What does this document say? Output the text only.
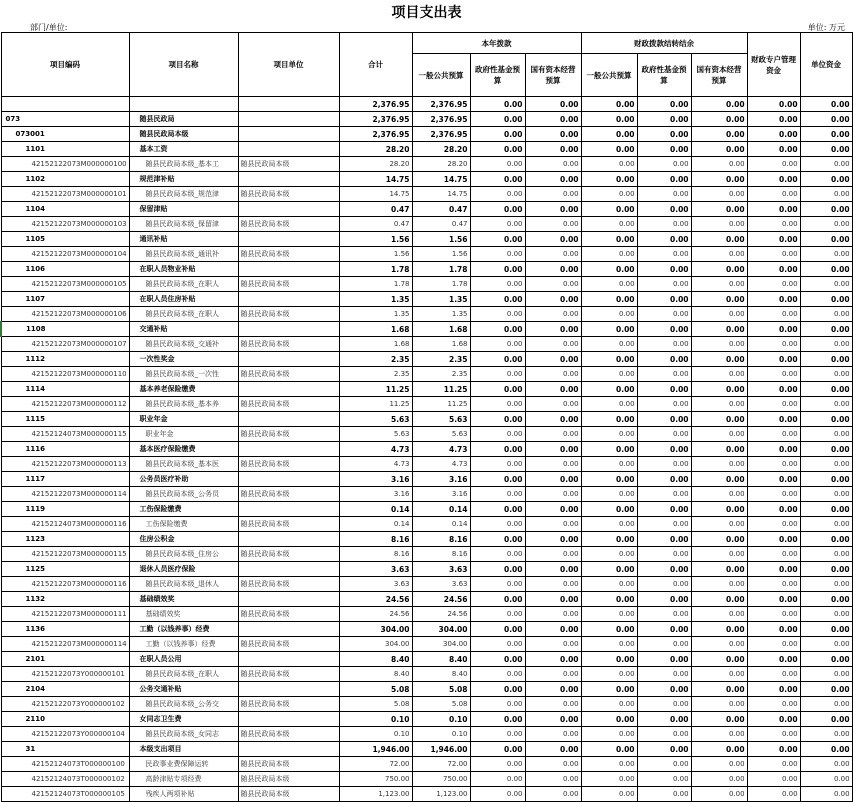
项目支出表
部门/单位:	单位: 万元
项目编码	项目名称	项目单位	合计	本年拨款			财政拨款结转结余			财政专户管理资金	单位资金
				一般公共预算	政府性基金预算	国有资本经营预算	一般公共预算	政府性基金预算	国有资本经营预算		
			2,376.95	2,376.95	0.00	0.00	0.00	0.00	0.00	0.00	0.00
073	随县民政局		2,376.95	2,376.95	0.00	0.00	0.00	0.00	0.00	0.00	0.00
073001	随县民政局本级		2,376.95	2,376.95	0.00	0.00	0.00	0.00	0.00	0.00	0.00
1101	基本工资		28.20	28.20	0.00	0.00	0.00	0.00	0.00	0.00	0.00
42152122073M000000100	随县民政局本级_基本工	随县民政局本级	28.20	28.20	0.00	0.00	0.00	0.00	0.00	0.00	0.00
1102	规范津补贴		14.75	14.75	0.00	0.00	0.00	0.00	0.00	0.00	0.00
42152122073M000000101	随县民政局本级_规范津	随县民政局本级	14.75	14.75	0.00	0.00	0.00	0.00	0.00	0.00	0.00
1104	保留津贴		0.47	0.47	0.00	0.00	0.00	0.00	0.00	0.00	0.00
42152122073M000000103	随县民政局本级_保留津	随县民政局本级	0.47	0.47	0.00	0.00	0.00	0.00	0.00	0.00	0.00
1105	通讯补贴		1.56	1.56	0.00	0.00	0.00	0.00	0.00	0.00	0.00
42152122073M000000104	随县民政局本级_通讯补	随县民政局本级	1.56	1.56	0.00	0.00	0.00	0.00	0.00	0.00	0.00
1106	在职人员物业补贴		1.78	1.78	0.00	0.00	0.00	0.00	0.00	0.00	0.00
42152122073M000000105	随县民政局本级_在职人	随县民政局本级	1.78	1.78	0.00	0.00	0.00	0.00	0.00	0.00	0.00
1107	在职人员住房补贴		1.35	1.35	0.00	0.00	0.00	0.00	0.00	0.00	0.00
42152122073M000000106	随县民政局本级_在职人	随县民政局本级	1.35	1.35	0.00	0.00	0.00	0.00	0.00	0.00	0.00
1108	交通补贴		1.68	1.68	0.00	0.00	0.00	0.00	0.00	0.00	0.00
42152122073M000000107	随县民政局本级_交通补	随县民政局本级	1.68	1.68	0.00	0.00	0.00	0.00	0.00	0.00	0.00
1112	一次性奖金		2.35	2.35	0.00	0.00	0.00	0.00	0.00	0.00	0.00
42152122073M000000110	随县民政局本级_一次性	随县民政局本级	2.35	2.35	0.00	0.00	0.00	0.00	0.00	0.00	0.00
1114	基本养老保险缴费		11.25	11.25	0.00	0.00	0.00	0.00	0.00	0.00	0.00
42152122073M000000112	随县民政局本级_基本养	随县民政局本级	11.25	11.25	0.00	0.00	0.00	0.00	0.00	0.00	0.00
1115	职业年金		5.63	5.63	0.00	0.00	0.00	0.00	0.00	0.00	0.00
42152124073M000000115	职业年金	随县民政局本级	5.63	5.63	0.00	0.00	0.00	0.00	0.00	0.00	0.00
1116	基本医疗保险缴费		4.73	4.73	0.00	0.00	0.00	0.00	0.00	0.00	0.00
42152122073M000000113	随县民政局本级_基本医	随县民政局本级	4.73	4.73	0.00	0.00	0.00	0.00	0.00	0.00	0.00
1117	公务员医疗补助		3.16	3.16	0.00	0.00	0.00	0.00	0.00	0.00	0.00
42152122073M000000114	随县民政局本级_公务员	随县民政局本级	3.16	3.16	0.00	0.00	0.00	0.00	0.00	0.00	0.00
1119	工伤保险缴费		0.14	0.14	0.00	0.00	0.00	0.00	0.00	0.00	0.00
42152124073M000000116	工伤保险缴费	随县民政局本级	0.14	0.14	0.00	0.00	0.00	0.00	0.00	0.00	0.00
1123	住房公积金		8.16	8.16	0.00	0.00	0.00	0.00	0.00	0.00	0.00
42152122073M000000115	随县民政局本级_住房公	随县民政局本级	8.16	8.16	0.00	0.00	0.00	0.00	0.00	0.00	0.00
1125	退休人员医疗保险		3.63	3.63	0.00	0.00	0.00	0.00	0.00	0.00	0.00
42152122073M000000116	随县民政局本级_退休人	随县民政局本级	3.63	3.63	0.00	0.00	0.00	0.00	0.00	0.00	0.00
1132	基础绩效奖		24.56	24.56	0.00	0.00	0.00	0.00	0.00	0.00	0.00
42152122073M000000111	基础绩效奖	随县民政局本级	24.56	24.56	0.00	0.00	0.00	0.00	0.00	0.00	0.00
1136	工勤（以钱养事）经费		304.00	304.00	0.00	0.00	0.00	0.00	0.00	0.00	0.00
42152122073M000000114	工勤（以钱养事）经费	随县民政局本级	304.00	304.00	0.00	0.00	0.00	0.00	0.00	0.00	0.00
2101	在职人员公用		8.40	8.40	0.00	0.00	0.00	0.00	0.00	0.00	0.00
42152122073Y000000101	随县民政局本级_在职人	随县民政局本级	8.40	8.40	0.00	0.00	0.00	0.00	0.00	0.00	0.00
2104	公务交通补贴		5.08	5.08	0.00	0.00	0.00	0.00	0.00	0.00	0.00
42152122073Y000000102	随县民政局本级_公务交	随县民政局本级	5.08	5.08	0.00	0.00	0.00	0.00	0.00	0.00	0.00
2110	女同志卫生费		0.10	0.10	0.00	0.00	0.00	0.00	0.00	0.00	0.00
42152122073Y000000104	随县民政局本级_女同志	随县民政局本级	0.10	0.10	0.00	0.00	0.00	0.00	0.00	0.00	0.00
31	本级支出项目		1,946.00	1,946.00	0.00	0.00	0.00	0.00	0.00	0.00	0.00
42152124073T000000100	民政事业费保障运转	随县民政局本级	72.00	72.00	0.00	0.00	0.00	0.00	0.00	0.00	0.00
42152124073T000000102	高龄津贴专项经费	随县民政局本级	750.00	750.00	0.00	0.00	0.00	0.00	0.00	0.00	0.00
42152124073T000000105	残疾人两项补贴	随县民政局本级	1,123.00	1,123.00	0.00	0.00	0.00	0.00	0.00	0.00	0.00
